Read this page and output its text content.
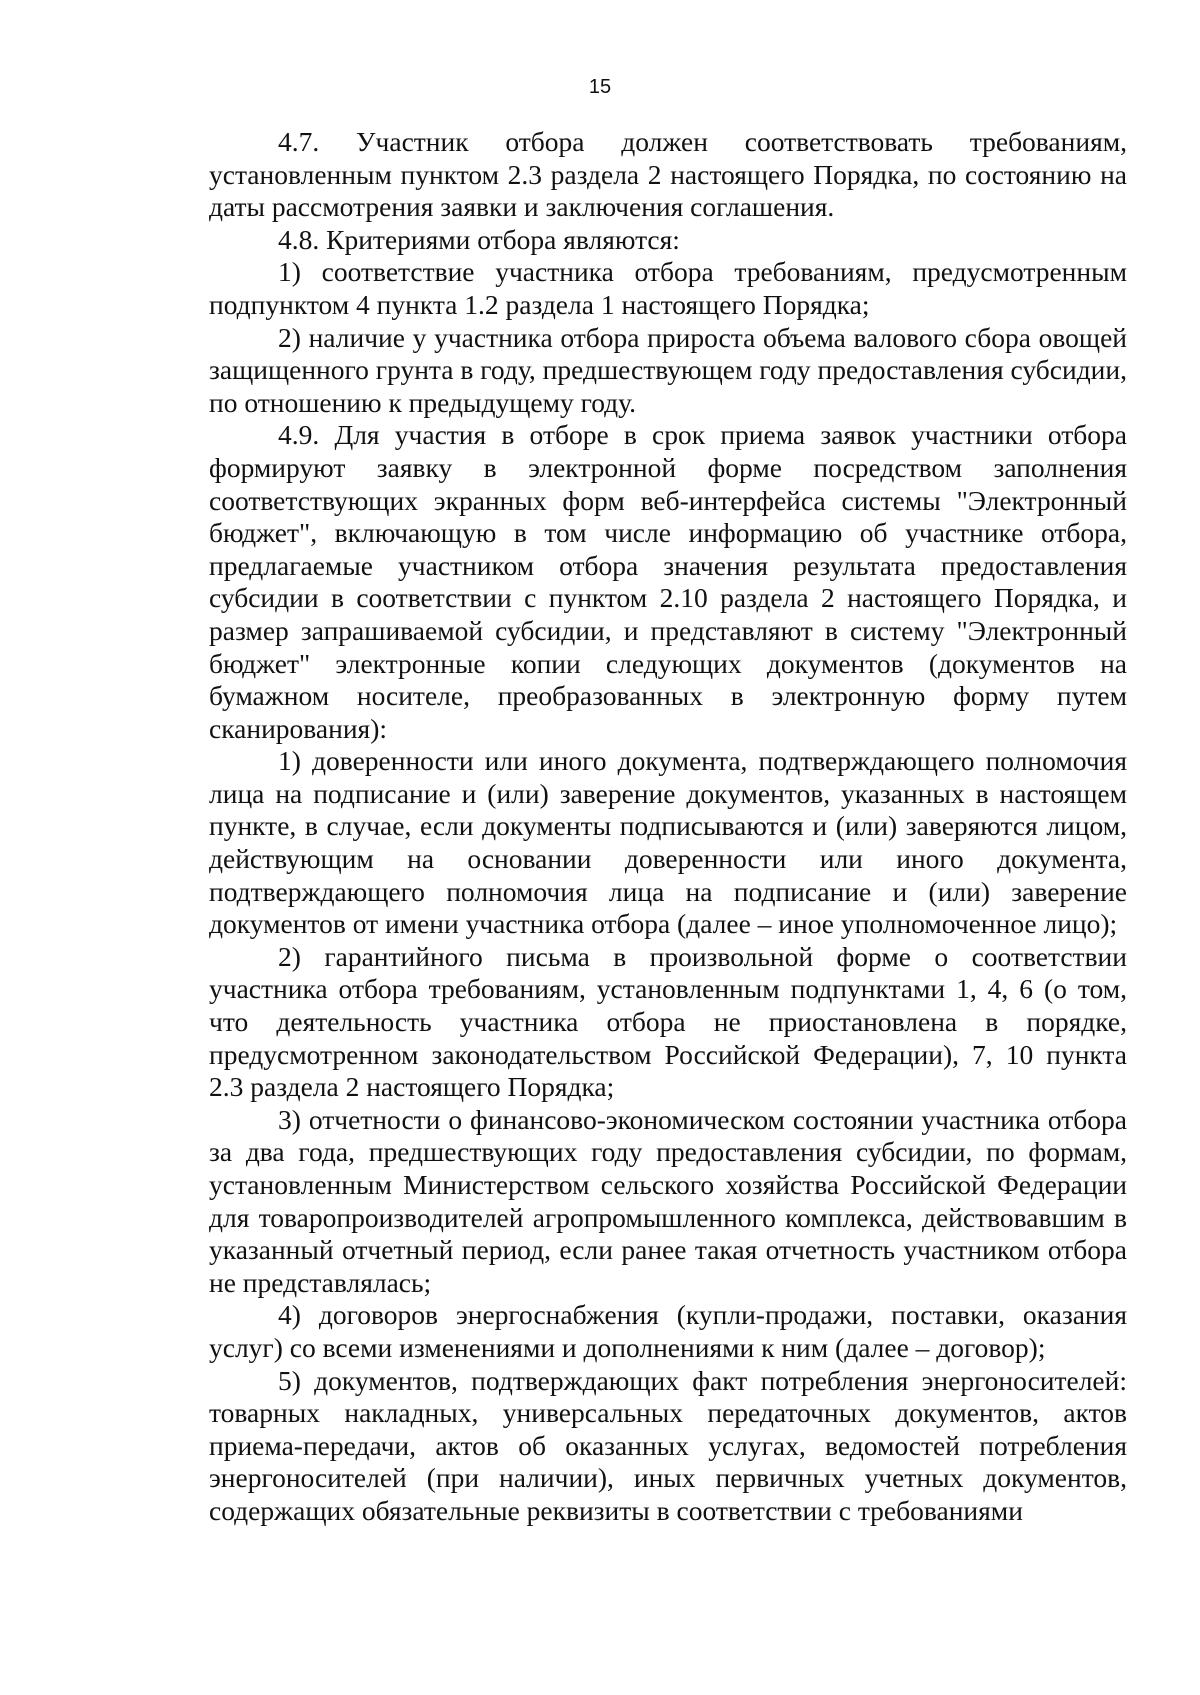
15

4.7. Участник отбора должен соответствовать требованиям, установленным пунктом 2.3 раздела 2 настоящего Порядка, по состоянию на даты рассмотрения заявки и заключения соглашения.

4.8. Критериями отбора являются:

1) соответствие участника отбора требованиям, предусмотренным подпунктом 4 пункта 1.2 раздела 1 настоящего Порядка;

2) наличие у участника отбора прироста объема валового сбора овощей защищенного грунта в году, предшествующем году предоставления субсидии, по отношению к предыдущему году.

4.9. Для участия в отборе в срок приема заявок участники отбора формируют заявку в электронной форме посредством заполнения соответствующих экранных форм веб-интерфейса системы "Электронный бюджет", включающую в том числе информацию об участнике отбора, предлагаемые участником отбора значения результата предоставления субсидии в соответствии с пунктом 2.10 раздела 2 настоящего Порядка, и размер запрашиваемой субсидии, и представляют в систему "Электронный бюджет" электронные копии следующих документов (документов на бумажном носителе, преобразованных в электронную форму путем сканирования):

1) доверенности или иного документа, подтверждающего полномочия лица на подписание и (или) заверение документов, указанных в настоящем пункте, в случае, если документы подписываются и (или) заверяются лицом, действующим на основании доверенности или иного документа, подтверждающего полномочия лица на подписание и (или) заверение документов от имени участника отбора (далее – иное уполномоченное лицо);

2) гарантийного письма в произвольной форме о соответствии участника отбора требованиям, установленным подпунктами 1, 4, 6 (о том, что деятельность участника отбора не приостановлена в порядке, предусмотренном законодательством Российской Федерации), 7, 10 пункта 2.3 раздела 2 настоящего Порядка;

3) отчетности о финансово-экономическом состоянии участника отбора за два года, предшествующих году предоставления субсидии, по формам, установленным Министерством сельского хозяйства Российской Федерации для товаропроизводителей агропромышленного комплекса, действовавшим в указанный отчетный период, если ранее такая отчетность участником отбора не представлялась;

4) договоров энергоснабжения (купли-продажи, поставки, оказания услуг) со всеми изменениями и дополнениями к ним (далее – договор);

5) документов, подтверждающих факт потребления энергоносителей: товарных накладных, универсальных передаточных документов, актов приема-передачи, актов об оказанных услугах, ведомостей потребления энергоносителей (при наличии), иных первичных учетных документов, содержащих обязательные реквизиты в соответствии с требованиями
